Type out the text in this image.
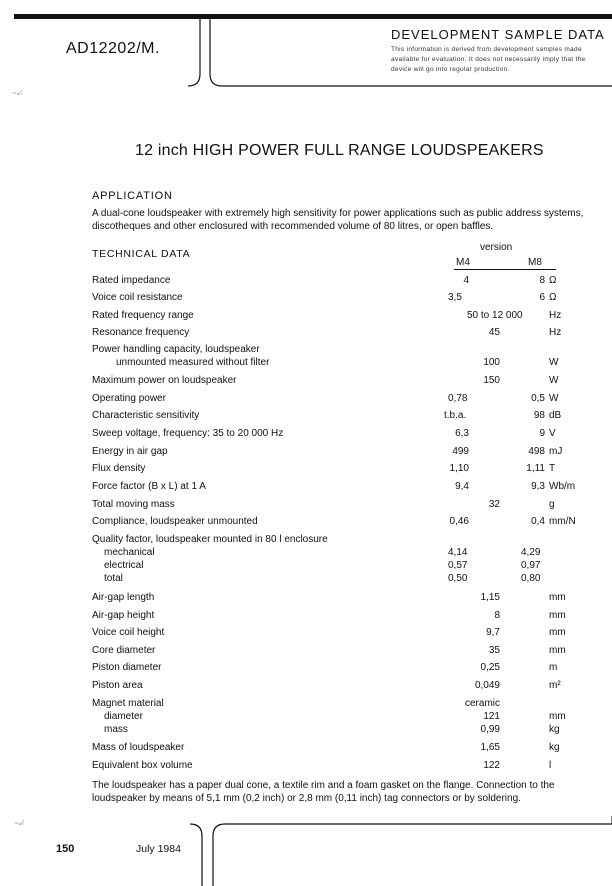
AD12202/M.
DEVELOPMENT SAMPLE DATA
This information is derived from development samples made available for evaluation. It does not necessarily imply that the device will go into regular production.
~ᵤ⁄ₗ
12 inch HIGH POWER FULL RANGE LOUDSPEAKERS
APPLICATION
A dual-cone loudspeaker with extremely high sensitivity for power applications such as public address systems, discotheques and other enclosured with recommended volume of 80 litres, or open baffles.
TECHNICAL DATA
version
M4	M8
Rated impedance	4	8 Ω
Voice coil resistance	3,5	6 Ω
Rated frequency range	50 to 12 000	Hz
Resonance frequency	45	Hz
Power handling capacity, loudspeaker
unmounted measured without filter	100	W
Maximum power on loudspeaker	150	W
Operating power	0,78	0,5 W
Characteristic sensitivity	t.b.a.	98 dB
Sweep voltage, frequency: 35 to 20 000 Hz	6,3	9 V
Energy in air gap	499	498 mJ
Flux density	1,10	1,11 T
Force factor (B x L) at 1 A	9,4	9,3 Wb/m
Total moving mass	32	g
Compliance, loudspeaker unmounted	0,46	0,4 mm/N
Quality factor, loudspeaker mounted in 80 l enclosure
mechanical	4,14	4,29
electrical	0,57	0,97
total	0,50	0,80
Air-gap length	1,15	mm
Air-gap height	8	mm
Voice coil height	9,7	mm
Core diameter	35	mm
Piston diameter	0,25	m
Piston area	0,049	m²
Magnet material	ceramic
diameter	121	mm
mass	0,99	kg
Mass of loudspeaker	1,65	kg
Equivalent box volume	122	l
The loudspeaker has a paper dual cone, a textile rim and a foam gasket on the flange. Connection to the loudspeaker by means of 5,1 mm (0,2 inch) or 2,8 mm (0,11 inch) tag connectors or by soldering.
~ᵤ⁄ₗ
150	July 1984
